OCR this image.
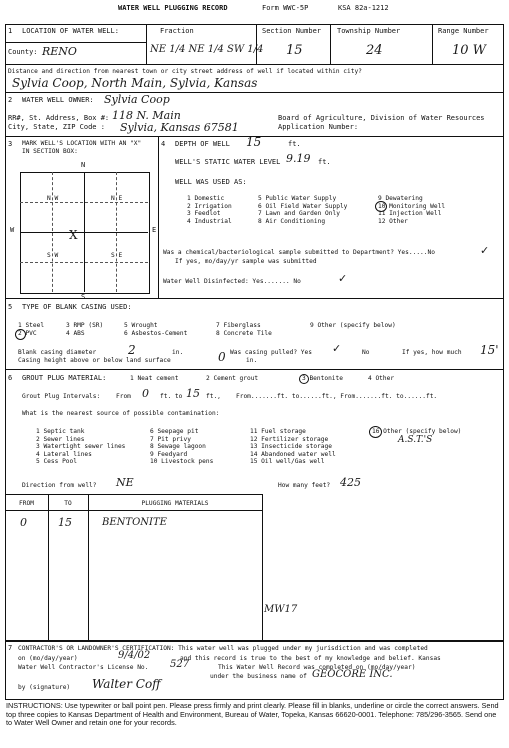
WATER WELL PLUGGING RECORD	Form WWC-5P	KSA 82a-1212
1 LOCATION OF WATER WELL:
County: RENO
Fraction
NE 1/4 NE 1/4 SW 1/4
Section Number
15
Township Number
24
Range Number
10 W
Distance and direction from nearest town or city street address of well if located within city?
Sylvia Coop, North Main, Sylvia, Kansas
2 WATER WELL OWNER: Sylvia Coop
RR#, St. Address, Box #: 118 N. Main
City, State, ZIP Code : Sylvia, Kansas 67581
Board of Agriculture, Division of Water Resources
Application Number:
3 MARK WELL'S LOCATION WITH AN "X" IN SECTION BOX:
N
S
W	E
N W	N E
S W	S E
X
4 DEPTH OF WELL 15	ft.
WELL'S STATIC WATER LEVEL 9.19 ft.
WELL WAS USED AS:
1 Domestic
2 Irrigation
3 Feedlot
4 Industrial
5 Public Water Supply
6 Oil Field Water Supply
7 Lawn and Garden Only
8 Air Conditioning
9 Dewatering
10 Monitoring Well
11 Injection Well
12 Other
Was a chemical/bacteriological sample submitted to Department? Yes.....No	✓
If yes, mo/day/yr sample was submitted
Water Well Disinfected: Yes....... No	✓
5 TYPE OF BLANK CASING USED:
1 Steel	3 RMP (SR)	5 Wrought	7 Fiberglass	9 Other (specify below)
2 PVC	4 ABS	6 Asbestos-Cement	8 Concrete Tile
Blank casing diameter	2	in.	Was casing pulled? Yes ✓	No	If yes, how much 15'
Casing height above or below land surface	0	in.
6 GROUT PLUG MATERIAL:	1 Neat cement	2 Cement grout	3 Bentonite	4 Other
Grout Plug Intervals:	From 0 ft. to 15 ft., From.......ft. to......ft., From.......ft. to......ft.
What is the nearest source of possible contamination:
1 Septic tank
2 Sewer lines
3 Watertight sewer lines
4 Lateral lines
5 Cess Pool
6 Seepage pit
7 Pit privy
8 Sewage lagoon
9 Feedyard
10 Livestock pens
11 Fuel storage
12 Fertilizer storage
13 Insecticide storage
14 Abandoned water well
15 Oil well/Gas well
16 Other (specify below)
A.S.T.'S
Direction from well? NE	How many feet? 425
FROM	TO	PLUGGING MATERIALS
0	15	BENTONITE
MW17
7 CONTRACTOR'S OR LANDOWNER'S CERTIFICATION: This water well was plugged under my jurisdiction and was completed
on (mo/day/year)	9/4/02	and this record is true to the best of my knowledge and belief. Kansas
Water Well Contractor's License No. 527	This Water Well Record was completed on (mo/day/year)
under the business name of GEOCORE INC.
by (signature) Walter Coff
INSTRUCTIONS: Use typewriter or ball point pen. Please press firmly and print clearly. Please fill in blanks, underline or circle the correct answers. Send top three copies to Kansas Department of Health and Environment, Bureau of Water, Topeka, Kansas 66620-0001. Telephone: 785/296-3565. Send one to Water Well Owner and retain one for your records.
